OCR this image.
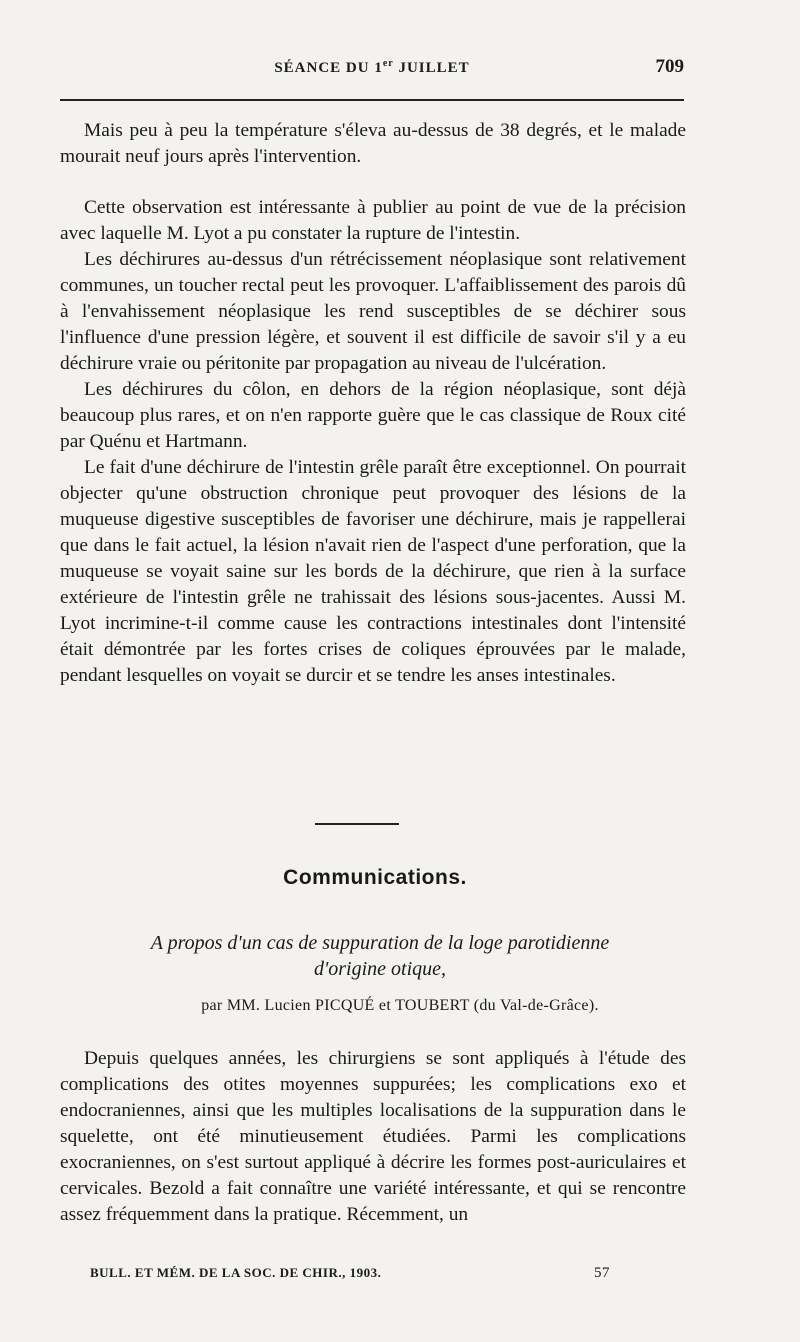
SÉANCE DU 1er JUILLET	709

Mais peu à peu la température s'éleva au-dessus de 38 degrés, et le malade mourait neuf jours après l'intervention.

Cette observation est intéressante à publier au point de vue de la précision avec laquelle M. Lyot a pu constater la rupture de l'intestin.

Les déchirures au-dessus d'un rétrécissement néoplasique sont relativement communes, un toucher rectal peut les provoquer. L'affaiblissement des parois dû à l'envahissement néoplasique les rend susceptibles de se déchirer sous l'influence d'une pression légère, et souvent il est difficile de savoir s'il y a eu déchirure vraie ou péritonite par propagation au niveau de l'ulcération.

Les déchirures du côlon, en dehors de la région néoplasique, sont déjà beaucoup plus rares, et on n'en rapporte guère que le cas classique de Roux cité par Quénu et Hartmann.

Le fait d'une déchirure de l'intestin grêle paraît être exceptionnel. On pourrait objecter qu'une obstruction chronique peut provoquer des lésions de la muqueuse digestive susceptibles de favoriser une déchirure, mais je rappellerai que dans le fait actuel, la lésion n'avait rien de l'aspect d'une perforation, que la muqueuse se voyait saine sur les bords de la déchirure, que rien à la surface extérieure de l'intestin grêle ne trahissait des lésions sous-jacentes. Aussi M. Lyot incrimine-t-il comme cause les contractions intestinales dont l'intensité était démontrée par les fortes crises de coliques éprouvées par le malade, pendant lesquelles on voyait se durcir et se tendre les anses intestinales.

Communications.
A propos d'un cas de suppuration de la loge parotidienne
d'origine otique,
par MM. Lucien PICQUÉ et TOUBERT (du Val-de-Grâce).

Depuis quelques années, les chirurgiens se sont appliqués à l'étude des complications des otites moyennes suppurées; les complications exo et endocraniennes, ainsi que les multiples localisations de la suppuration dans le squelette, ont été minutieusement étudiées. Parmi les complications exocraniennes, on s'est surtout appliqué à décrire les formes post-auriculaires et cervicales. Bezold a fait connaître une variété intéressante, et qui se rencontre assez fréquemment dans la pratique. Récemment, un

BULL. ET MÉM. DE LA SOC. DE CHIR., 1903.	57
